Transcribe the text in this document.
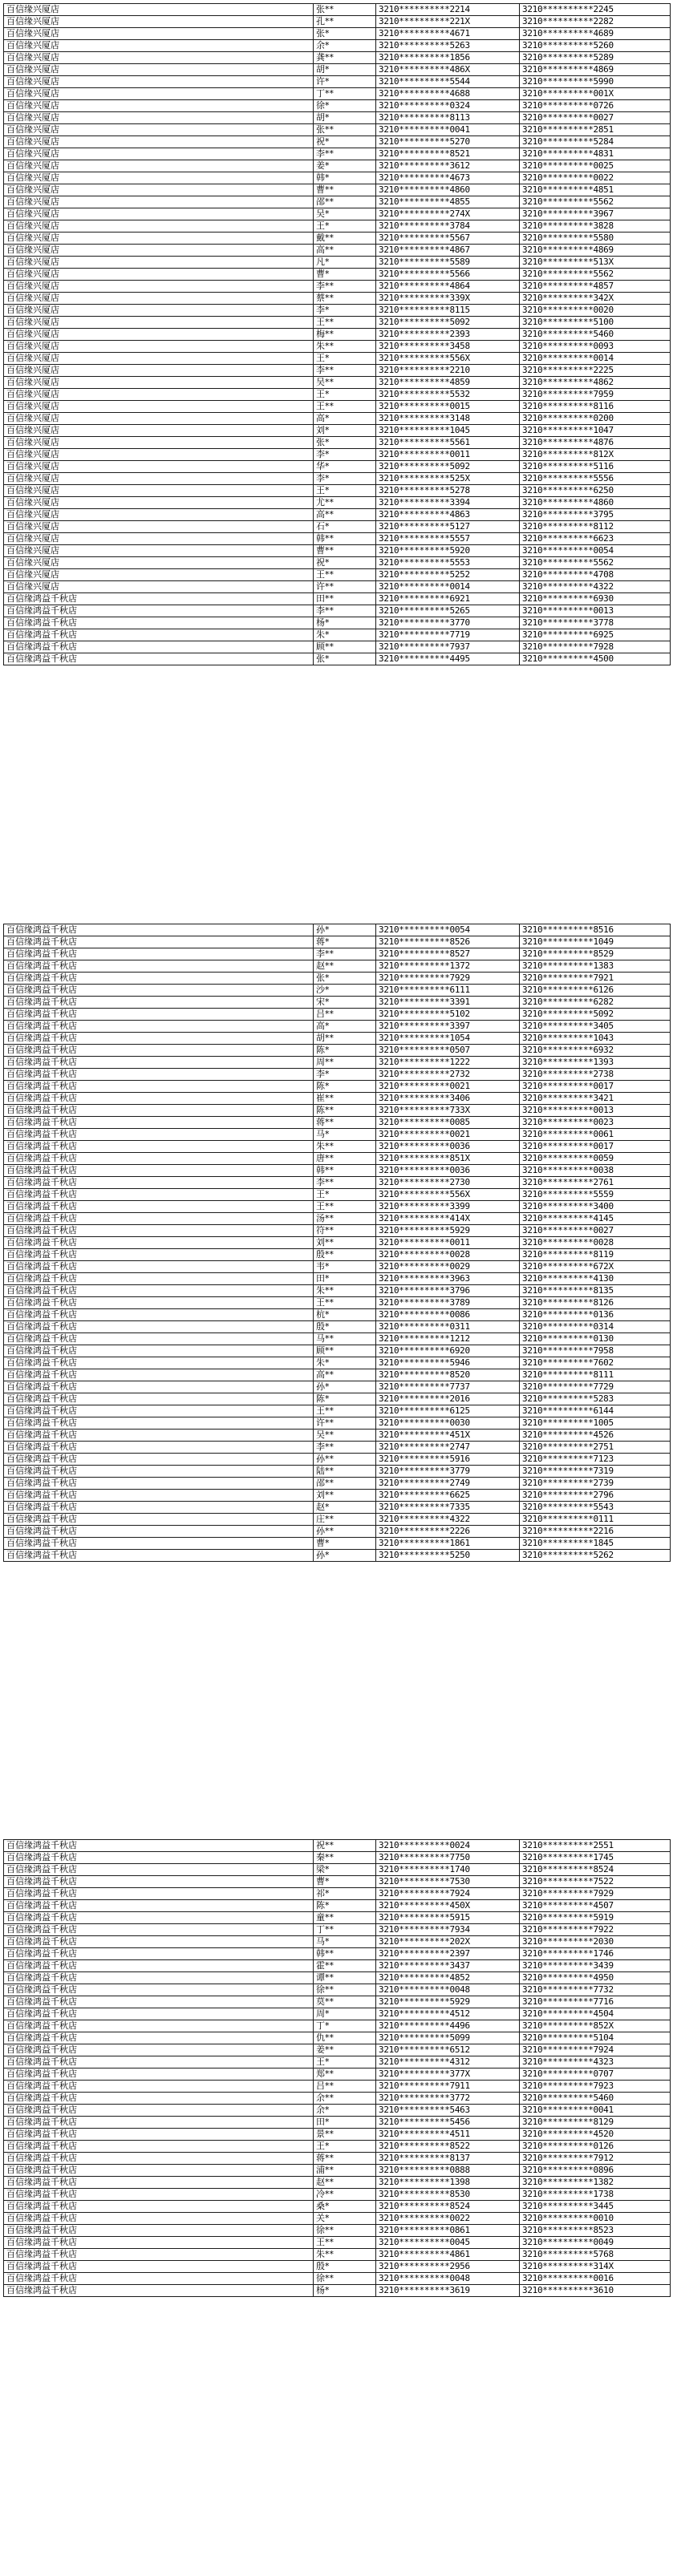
百信缘兴厦店	张**	3210**********2214	3210**********2245
百信缘兴厦店	孔**	3210**********221X	3210**********2282
百信缘兴厦店	张*	3210**********4671	3210**********4689
百信缘兴厦店	余*	3210**********5263	3210**********5260
百信缘兴厦店	龚**	3210**********1856	3210**********5289
百信缘兴厦店	胡*	3210**********486X	3210**********4869
百信缘兴厦店	许*	3210**********5544	3210**********5990
百信缘兴厦店	丁**	3210**********4688	3210**********001X
百信缘兴厦店	徐*	3210**********0324	3210**********0726
百信缘兴厦店	胡*	3210**********8113	3210**********0027
百信缘兴厦店	张**	3210**********0041	3210**********2851
百信缘兴厦店	祝*	3210**********5270	3210**********5284
百信缘兴厦店	李**	3210**********8521	3210**********4831
百信缘兴厦店	姜*	3210**********3612	3210**********0025
百信缘兴厦店	韩*	3210**********4673	3210**********0022
百信缘兴厦店	曹**	3210**********4860	3210**********4851
百信缘兴厦店	邵**	3210**********4855	3210**********5562
百信缘兴厦店	吴*	3210**********274X	3210**********3967
百信缘兴厦店	王*	3210**********3784	3210**********3828
百信缘兴厦店	戴**	3210**********5567	3210**********5580
百信缘兴厦店	高**	3210**********4867	3210**********4869
百信缘兴厦店	凡*	3210**********5589	3210**********513X
百信缘兴厦店	曹*	3210**********5566	3210**********5562
百信缘兴厦店	李**	3210**********4864	3210**********4857
百信缘兴厦店	蔡**	3210**********339X	3210**********342X
百信缘兴厦店	李*	3210**********8115	3210**********0020
百信缘兴厦店	王**	3210**********5092	3210**********5100
百信缘兴厦店	梅**	3210**********2393	3210**********5460
百信缘兴厦店	朱**	3210**********3458	3210**********0093
百信缘兴厦店	王*	3210**********556X	3210**********0014
百信缘兴厦店	李**	3210**********2210	3210**********2225
百信缘兴厦店	吴**	3210**********4859	3210**********4862
百信缘兴厦店	王*	3210**********5532	3210**********7959
百信缘兴厦店	王**	3210**********0015	3210**********8116
百信缘兴厦店	高*	3210**********3148	3210**********0200
百信缘兴厦店	刘*	3210**********1045	3210**********1047
百信缘兴厦店	张*	3210**********5561	3210**********4876
百信缘兴厦店	李*	3210**********0011	3210**********812X
百信缘兴厦店	华*	3210**********5092	3210**********5116
百信缘兴厦店	李*	3210**********525X	3210**********5556
百信缘兴厦店	王*	3210**********5278	3210**********6250
百信缘兴厦店	尤**	3210**********3394	3210**********4860
百信缘兴厦店	高**	3210**********4863	3210**********3795
百信缘兴厦店	石*	3210**********5127	3210**********8112
百信缘兴厦店	韩**	3210**********5557	3210**********6623
百信缘兴厦店	曹**	3210**********5920	3210**********0054
百信缘兴厦店	祝*	3210**********5553	3210**********5562
百信缘兴厦店	王**	3210**********5252	3210**********4708
百信缘兴厦店	许**	3210**********0014	3210**********4322
百信缘鸿益千秋店	田**	3210**********6921	3210**********6930
百信缘鸿益千秋店	李**	3210**********5265	3210**********0013
百信缘鸿益千秋店	杨*	3210**********3770	3210**********3778
百信缘鸿益千秋店	朱*	3210**********7719	3210**********6925
百信缘鸿益千秋店	顾**	3210**********7937	3210**********7928
百信缘鸿益千秋店	张*	3210**********4495	3210**********4500
百信缘鸿益千秋店	孙*	3210**********0054	3210**********8516
百信缘鸿益千秋店	蒋*	3210**********8526	3210**********1049
百信缘鸿益千秋店	李**	3210**********8527	3210**********8529
百信缘鸿益千秋店	赵**	3210**********1372	3210**********1383
百信缘鸿益千秋店	张*	3210**********7929	3210**********7921
百信缘鸿益千秋店	沙*	3210**********6111	3210**********6126
百信缘鸿益千秋店	宋*	3210**********3391	3210**********6282
百信缘鸿益千秋店	吕**	3210**********5102	3210**********5092
百信缘鸿益千秋店	高*	3210**********3397	3210**********3405
百信缘鸿益千秋店	胡**	3210**********1054	3210**********1043
百信缘鸿益千秋店	陈*	3210**********0507	3210**********6932
百信缘鸿益千秋店	周**	3210**********1222	3210**********1393
百信缘鸿益千秋店	李*	3210**********2732	3210**********2738
百信缘鸿益千秋店	陈*	3210**********0021	3210**********0017
百信缘鸿益千秋店	崔**	3210**********3406	3210**********3421
百信缘鸿益千秋店	陈**	3210**********733X	3210**********0013
百信缘鸿益千秋店	蒋**	3210**********0085	3210**********0023
百信缘鸿益千秋店	马*	3210**********0021	3210**********0061
百信缘鸿益千秋店	朱**	3210**********0036	3210**********0017
百信缘鸿益千秋店	唐**	3210**********851X	3210**********0059
百信缘鸿益千秋店	韩**	3210**********0036	3210**********0038
百信缘鸿益千秋店	李**	3210**********2730	3210**********2761
百信缘鸿益千秋店	王*	3210**********556X	3210**********5559
百信缘鸿益千秋店	王**	3210**********3399	3210**********3400
百信缘鸿益千秋店	汤**	3210**********414X	3210**********4145
百信缘鸿益千秋店	符**	3210**********5929	3210**********0027
百信缘鸿益千秋店	刘**	3210**********0011	3210**********0028
百信缘鸿益千秋店	殷**	3210**********0028	3210**********8119
百信缘鸿益千秋店	韦*	3210**********0029	3210**********672X
百信缘鸿益千秋店	田*	3210**********3963	3210**********4130
百信缘鸿益千秋店	朱**	3210**********3796	3210**********8135
百信缘鸿益千秋店	王**	3210**********3789	3210**********8126
百信缘鸿益千秋店	杭*	3210**********0086	3210**********0136
百信缘鸿益千秋店	殷*	3210**********0311	3210**********0314
百信缘鸿益千秋店	马**	3210**********1212	3210**********0130
百信缘鸿益千秋店	顾**	3210**********6920	3210**********7958
百信缘鸿益千秋店	朱*	3210**********5946	3210**********7602
百信缘鸿益千秋店	高**	3210**********8520	3210**********8111
百信缘鸿益千秋店	孙*	3210**********7737	3210**********7729
百信缘鸿益千秋店	陈*	3210**********2016	3210**********5283
百信缘鸿益千秋店	王**	3210**********6125	3210**********6144
百信缘鸿益千秋店	许**	3210**********0030	3210**********1005
百信缘鸿益千秋店	吴**	3210**********451X	3210**********4526
百信缘鸿益千秋店	李**	3210**********2747	3210**********2751
百信缘鸿益千秋店	孙**	3210**********5916	3210**********7123
百信缘鸿益千秋店	陆**	3210**********3779	3210**********7319
百信缘鸿益千秋店	邵**	3210**********2749	3210**********2739
百信缘鸿益千秋店	刘**	3210**********6625	3210**********2796
百信缘鸿益千秋店	赵*	3210**********7335	3210**********5543
百信缘鸿益千秋店	庄**	3210**********4322	3210**********0111
百信缘鸿益千秋店	孙**	3210**********2226	3210**********2216
百信缘鸿益千秋店	曹*	3210**********1861	3210**********1845
百信缘鸿益千秋店	孙*	3210**********5250	3210**********5262
百信缘鸿益千秋店	祝**	3210**********0024	3210**********2551
百信缘鸿益千秋店	秦**	3210**********7750	3210**********1745
百信缘鸿益千秋店	梁*	3210**********1740	3210**********8524
百信缘鸿益千秋店	曹*	3210**********7530	3210**********7522
百信缘鸿益千秋店	祁*	3210**********7924	3210**********7929
百信缘鸿益千秋店	陈*	3210**********450X	3210**********4507
百信缘鸿益千秋店	童**	3210**********5915	3210**********5919
百信缘鸿益千秋店	丁**	3210**********7934	3210**********7922
百信缘鸿益千秋店	马*	3210**********202X	3210**********2030
百信缘鸿益千秋店	韩**	3210**********2397	3210**********1746
百信缘鸿益千秋店	霍**	3210**********3437	3210**********3439
百信缘鸿益千秋店	谭**	3210**********4852	3210**********4950
百信缘鸿益千秋店	徐**	3210**********0048	3210**********7732
百信缘鸿益千秋店	莫**	3210**********5929	3210**********7716
百信缘鸿益千秋店	周*	3210**********4512	3210**********4504
百信缘鸿益千秋店	丁*	3210**********4496	3210**********852X
百信缘鸿益千秋店	仇**	3210**********5099	3210**********5104
百信缘鸿益千秋店	姜**	3210**********6512	3210**********7924
百信缘鸿益千秋店	王*	3210**********4312	3210**********4323
百信缘鸿益千秋店	郑**	3210**********377X	3210**********0707
百信缘鸿益千秋店	吕**	3210**********7911	3210**********7923
百信缘鸿益千秋店	余**	3210**********3772	3210**********5460
百信缘鸿益千秋店	余*	3210**********5463	3210**********0041
百信缘鸿益千秋店	田*	3210**********5456	3210**********8129
百信缘鸿益千秋店	景**	3210**********4511	3210**********4520
百信缘鸿益千秋店	王*	3210**********8522	3210**********0126
百信缘鸿益千秋店	蒋**	3210**********8137	3210**********7912
百信缘鸿益千秋店	浦**	3210**********0888	3210**********0896
百信缘鸿益千秋店	赵**	3210**********1398	3210**********1382
百信缘鸿益千秋店	冷**	3210**********8530	3210**********1738
百信缘鸿益千秋店	桑*	3210**********8524	3210**********3445
百信缘鸿益千秋店	关*	3210**********0022	3210**********0010
百信缘鸿益千秋店	徐**	3210**********0861	3210**********8523
百信缘鸿益千秋店	王**	3210**********0045	3210**********0049
百信缘鸿益千秋店	朱**	3210**********4861	3210**********5768
百信缘鸿益千秋店	殷*	3210**********2956	3210**********314X
百信缘鸿益千秋店	徐**	3210**********0048	3210**********0016
百信缘鸿益千秋店	杨*	3210**********3619	3210**********3610
